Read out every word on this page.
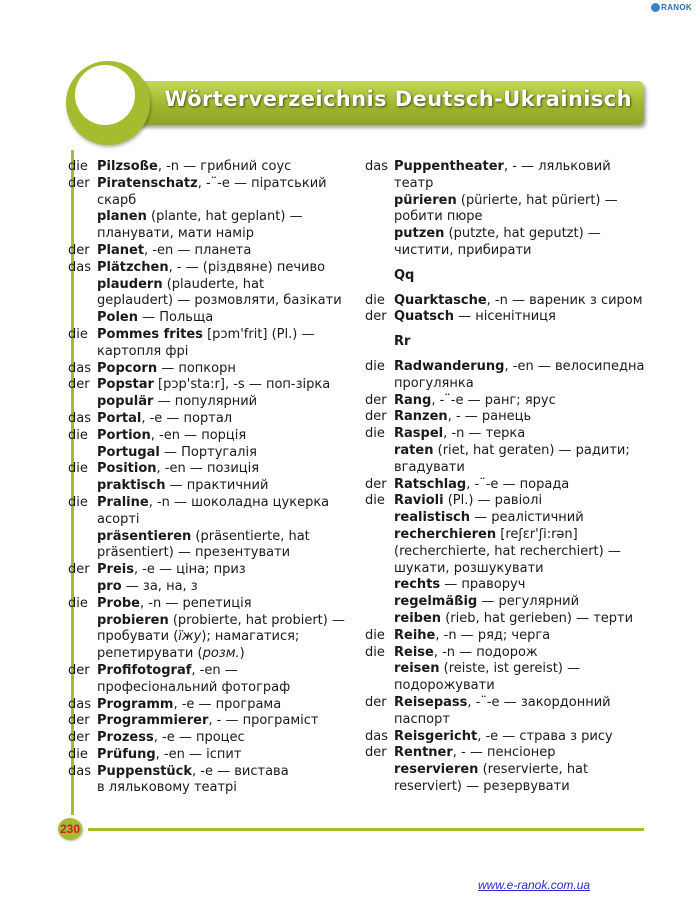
RANOK
Wörterverzeichnis Deutsch-Ukrainisch
230
die Pilzsoße, -n — грибний соус
der Piratenschatz, -¨-e — піратський
скарб
planen (plante, hat geplant) —
планувати, мати намір
der Planet, -en — планета
das Plätzchen, - — (різдвяне) печиво
plaudern (plauderte, hat
geplaudert) — розмовляти, базікати
Polen — Польща
die Pommes frites [pɔm'frit] (Pl.) —
картопля фрі
das Popcorn — попкорн
der Popstar [pɔp'sta:r], -s — поп-зірка
populär — популярний
das Portal, -e — портал
die Portion, -en — порція
Portugal — Португалія
die Position, -en — позиція
praktisch — практичний
die Praline, -n — шоколадна цукерка
асорті
präsentieren (präsentierte, hat
präsentiert) — презентувати
der Preis, -e — ціна; приз
pro — за, на, з
die Probe, -n — репетиція
probieren (probierte, hat probiert) —
пробувати (їжу); намагатися;
репетирувати (розм.)
der Profifotograf, -en —
професіональний фотограф
das Programm, -e — програма
der Programmierer, - — програміст
der Prozess, -e — процес
die Prüfung, -en — іспит
das Puppenstück, -e — вистава
в ляльковому театрі
das Puppentheater, - — ляльковий
театр
pürieren (pürierte, hat püriert) —
робити пюре
putzen (putzte, hat geputzt) —
чистити, прибирати
Qq
die Quarktasche, -n — вареник з сиром
der Quatsch — нісенітниця
Rr
die Radwanderung, -en — велосипедна
прогулянка
der Rang, -¨-e — ранг; ярус
der Ranzen, - — ранець
die Raspel, -n — терка
raten (riet, hat geraten) — радити;
вгадувати
der Ratschlag, -¨-e — порада
die Ravioli (Pl.) — равіолі
realistisch — реалістичний
recherchieren [reʃɛr'ʃi:rən]
(recherchierte, hat recherchiert) —
шукати, розшукувати
rechts — праворуч
regelmäßig — регулярний
reiben (rieb, hat gerieben) — терти
die Reihe, -n — ряд; черга
die Reise, -n — подорож
reisen (reiste, ist gereist) —
подорожувати
der Reisepass, -¨-e — закордонний
паспорт
das Reisgericht, -e — страва з рису
der Rentner, - — пенсіонер
reservieren (reservierte, hat
reserviert) — резервувати
www.e-ranok.com.ua
